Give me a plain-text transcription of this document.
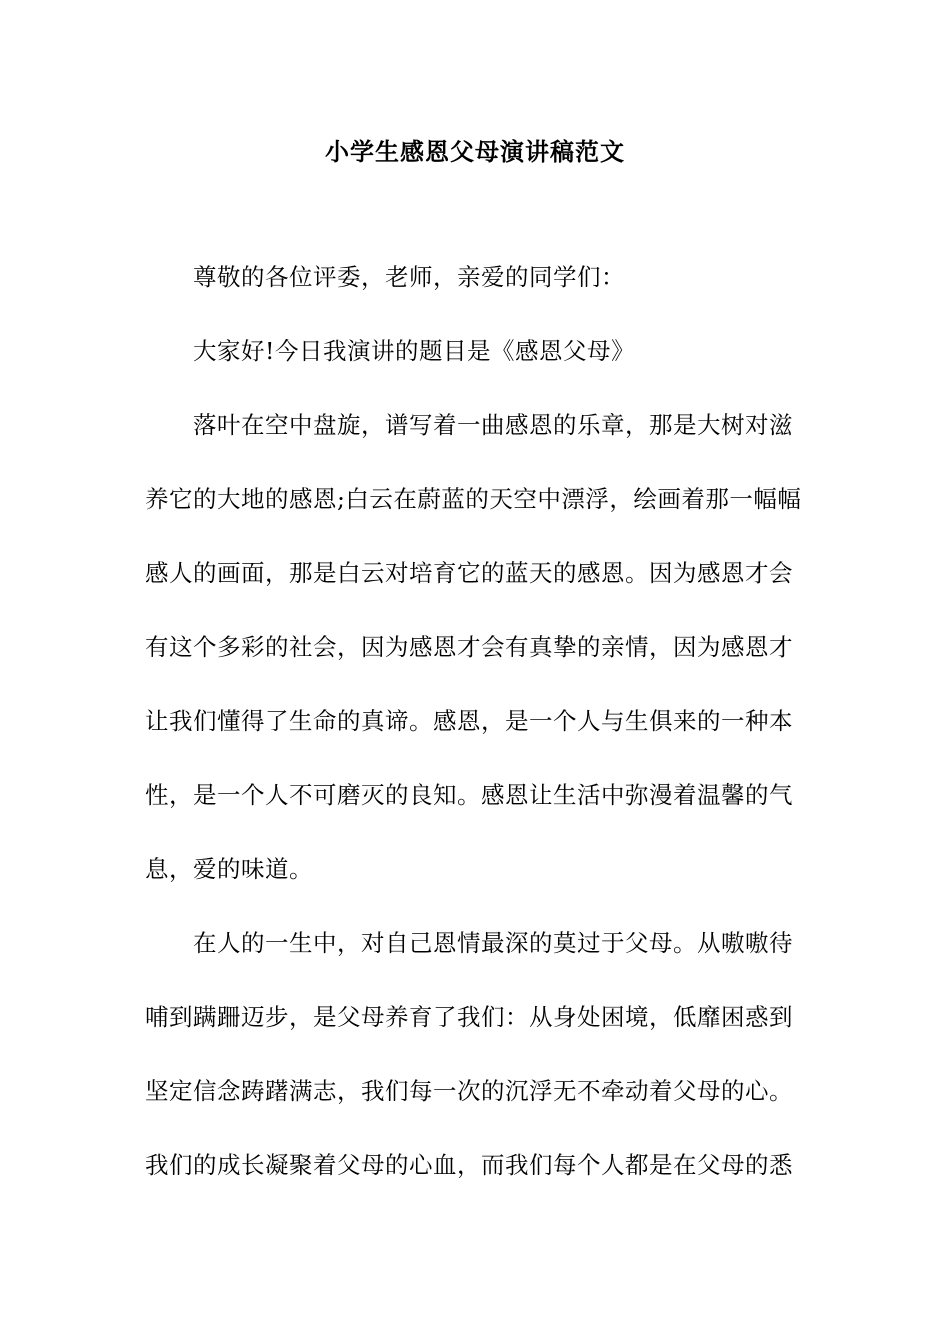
小学生感恩父母演讲稿范文
尊敬的各位评委，老师，亲爱的同学们：
大家好!今日我演讲的题目是《感恩父母》
落叶在空中盘旋，谱写着一曲感恩的乐章，那是大树对滋
养它的大地的感恩;白云在蔚蓝的天空中漂浮，绘画着那一幅幅
感人的画面，那是白云对培育它的蓝天的感恩。因为感恩才会
有这个多彩的社会，因为感恩才会有真挚的亲情，因为感恩才
让我们懂得了生命的真谛。感恩，是一个人与生俱来的一种本
性，是一个人不可磨灭的良知。感恩让生活中弥漫着温馨的气
息，爱的味道。
在人的一生中，对自己恩情最深的莫过于父母。从嗷嗷待
哺到蹒跚迈步，是父母养育了我们：从身处困境，低靡困惑到
坚定信念踌躇满志，我们每一次的沉浮无不牵动着父母的心。
我们的成长凝聚着父母的心血，而我们每个人都是在父母的悉
